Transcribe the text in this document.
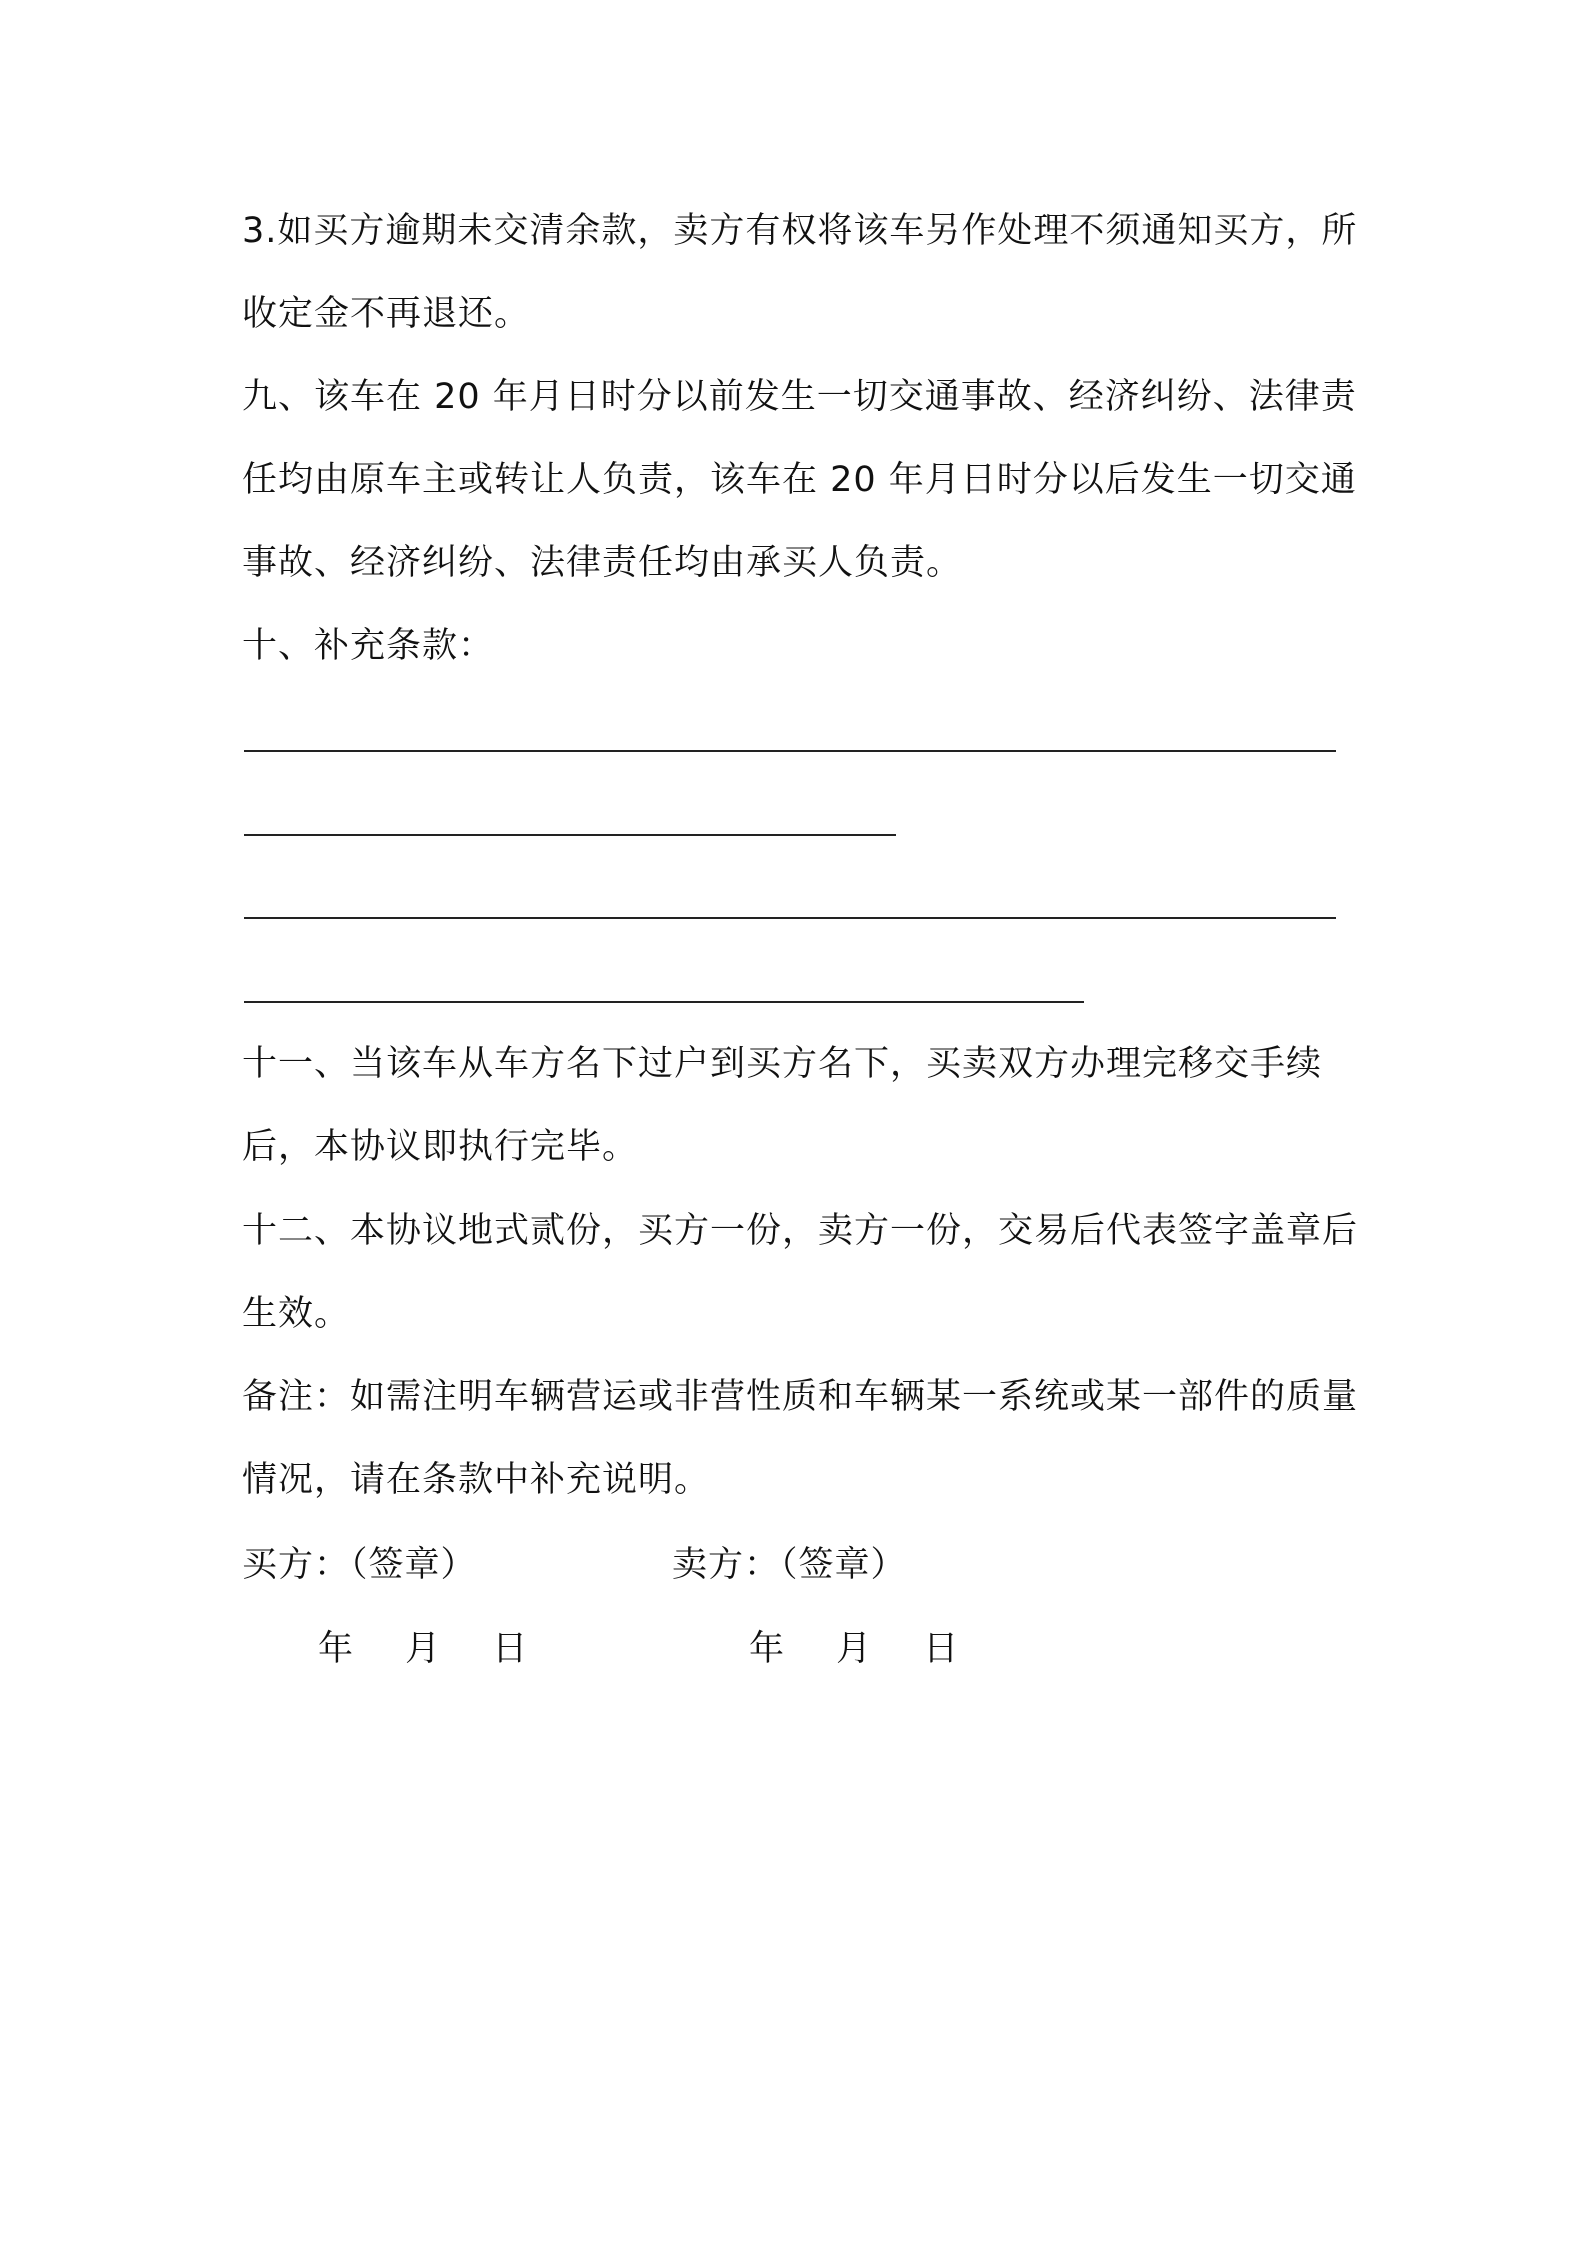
3.如买方逾期未交清余款，卖方有权将该车另作处理不须通知买方，所收定金不再退还。

九、该车在 20 年月日时分以前发生一切交通事故、经济纠纷、法律责任均由原车主或转让人负责，该车在 20 年月日时分以后发生一切交通事故、经济纠纷、法律责任均由承买人负责。

十、补充条款：

十一、当该车从车方名下过户到买方名下，买卖双方办理完移交手续后，本协议即执行完毕。

十二、本协议地式贰份，买方一份，卖方一份，交易后代表签字盖章后生效。

备注：如需注明车辆营运或非营性质和车辆某一系统或某一部件的质量情况，请在条款中补充说明。

买方：（签章）	卖方：（签章）

年 月 日	年 月 日
